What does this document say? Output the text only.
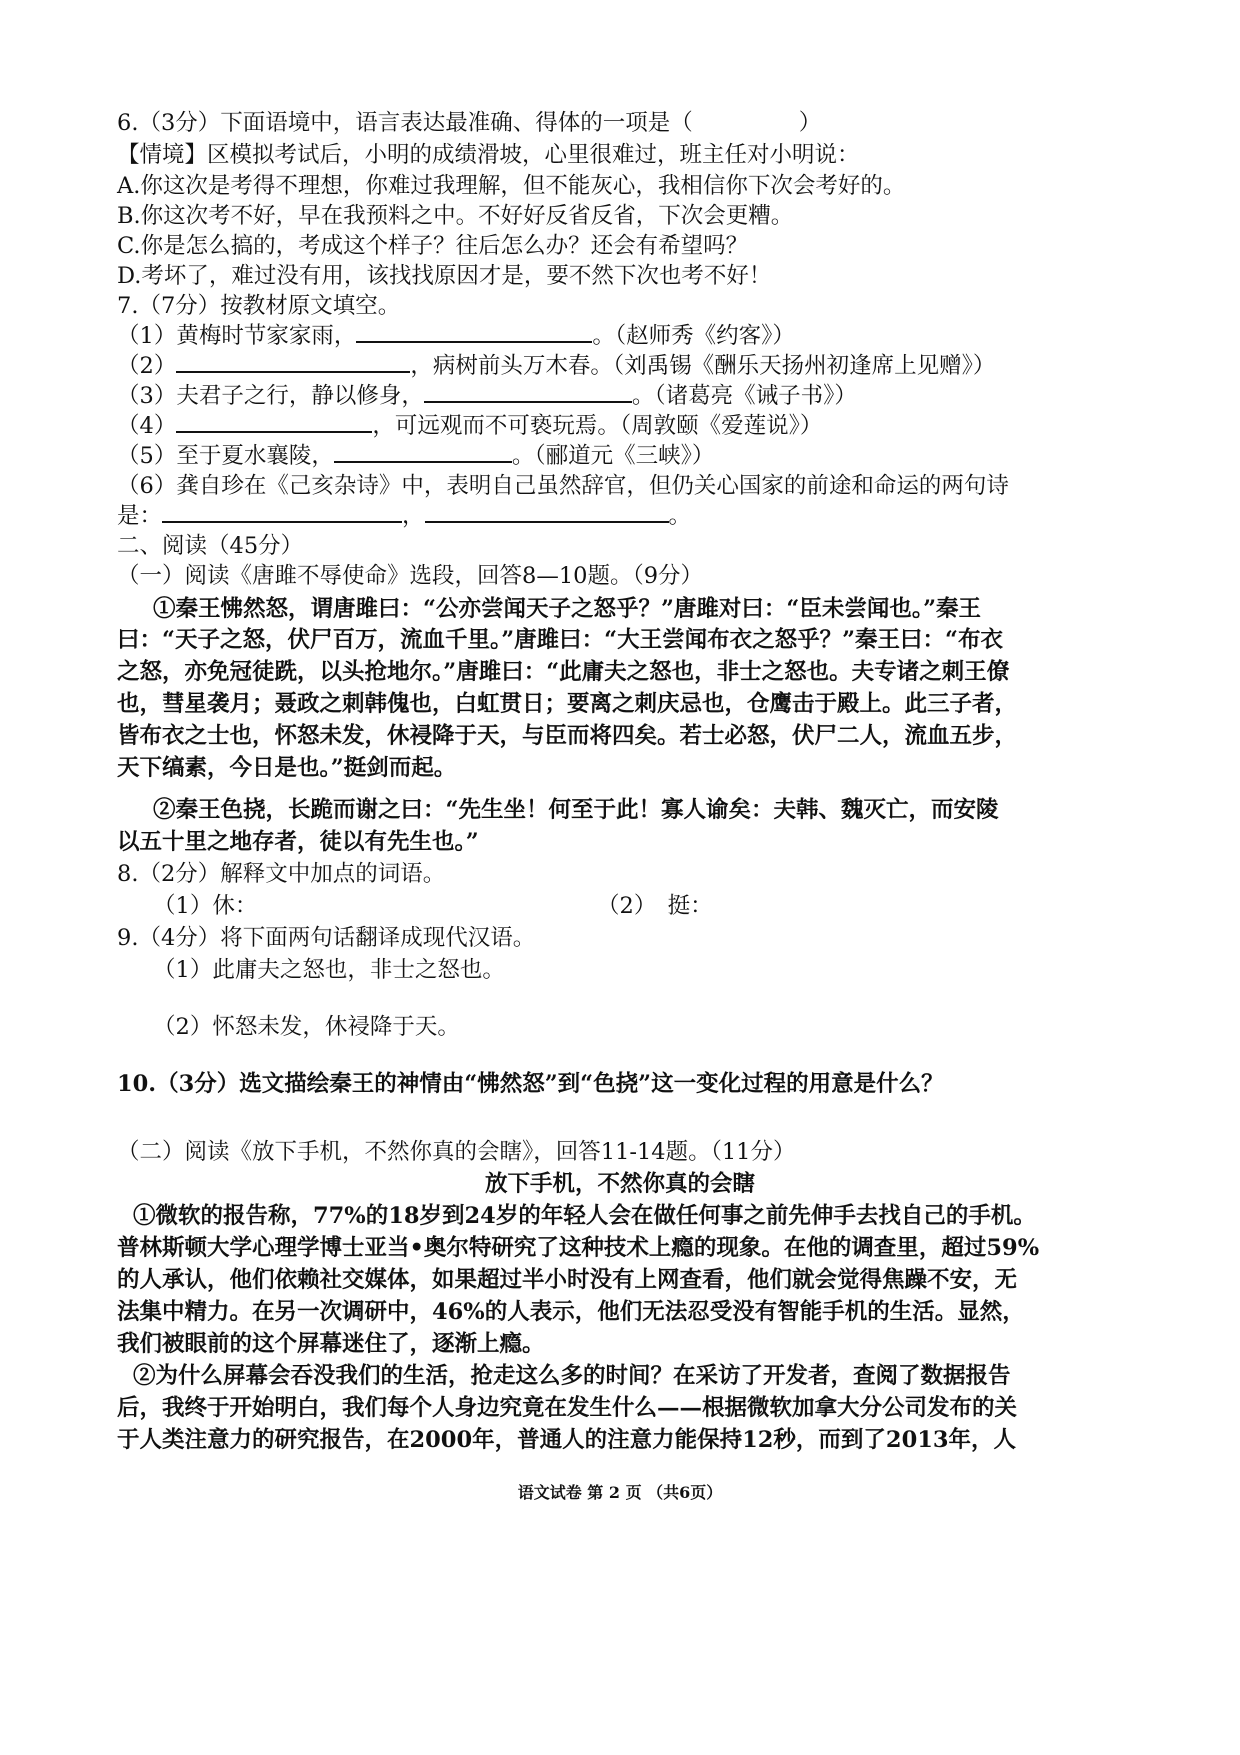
6.（3分）下面语境中，语言表达最准确、得体的一项是（	）
【情境】区模拟考试后，小明的成绩滑坡，心里很难过，班主任对小明说：
A.你这次是考得不理想，你难过我理解，但不能灰心，我相信你下次会考好的。
B.你这次考不好，早在我预料之中。不好好反省反省，下次会更糟。
C.你是怎么搞的，考成这个样子？往后怎么办？还会有希望吗？
D.考坏了，难过没有用，该找找原因才是，要不然下次也考不好！
7.（7分）按教材原文填空。
（1）黄梅时节家家雨，	。（赵师秀《约客》）
（2）	，病树前头万木春。（刘禹锡《酬乐天扬州初逢席上见赠》）
（3）夫君子之行，静以修身，	。（诸葛亮《诫子书》）
（4）	，可远观而不可亵玩焉。（周敦颐《爱莲说》）
（5）至于夏水襄陵，	。（郦道元《三峡》）
（6）龚自珍在《己亥杂诗》中，表明自己虽然辞官，但仍关心国家的前途和命运的两句诗
是：	，	。
二、阅读（45分）
（一）阅读《唐雎不辱使命》选段，回答8—10题。（9分）
①秦王怫然怒，谓唐雎曰：“公亦尝闻天子之怒乎？”唐雎对曰：“臣未尝闻也。”秦王
曰：“天子之怒，伏尸百万，流血千里。”唐雎曰：“大王尝闻布衣之怒乎？”秦王曰：“布衣
之怒，亦免冠徒跣，以头抢地尔。”唐雎曰：“此庸夫之怒也，非士之怒也。夫专诸之刺王僚
也，彗星袭月；聂政之刺韩傀也，白虹贯日；要离之刺庆忌也，仓鹰击于殿上。此三子者，
皆布衣之士也，怀怒未发，休祲降于天，与臣而将四矣。若士必怒，伏尸二人，流血五步，
天下缟素，今日是也。”挺剑而起。
②秦王色挠，长跪而谢之曰：“先生坐！何至于此！寡人谕矣：夫韩、魏灭亡，而安陵
以五十里之地存者，徒以有先生也。”
8.（2分）解释文中加点的词语。
（1）休：	（2）　挺：
9.（4分）将下面两句话翻译成现代汉语。
（1）此庸夫之怒也，非士之怒也。
（2）怀怒未发，休祲降于天。
10.（3分）选文描绘秦王的神情由“怫然怒”到“色挠”这一变化过程的用意是什么？
（二）阅读《放下手机，不然你真的会瞎》，回答11-14题。（11分）
放下手机，不然你真的会瞎
①微软的报告称，77%的18岁到24岁的年轻人会在做任何事之前先伸手去找自己的手机。
普林斯顿大学心理学博士亚当•奥尔特研究了这种技术上瘾的现象。在他的调查里，超过59%
的人承认，他们依赖社交媒体，如果超过半小时没有上网查看，他们就会觉得焦躁不安，无
法集中精力。在另一次调研中，46%的人表示，他们无法忍受没有智能手机的生活。显然，
我们被眼前的这个屏幕迷住了，逐渐上瘾。
②为什么屏幕会吞没我们的生活，抢走这么多的时间？在采访了开发者，查阅了数据报告
后，我终于开始明白，我们每个人身边究竟在发生什么——根据微软加拿大分公司发布的关
于人类注意力的研究报告，在2000年，普通人的注意力能保持12秒，而到了2013年，人
语文试卷 第 2 页 （共6页）
